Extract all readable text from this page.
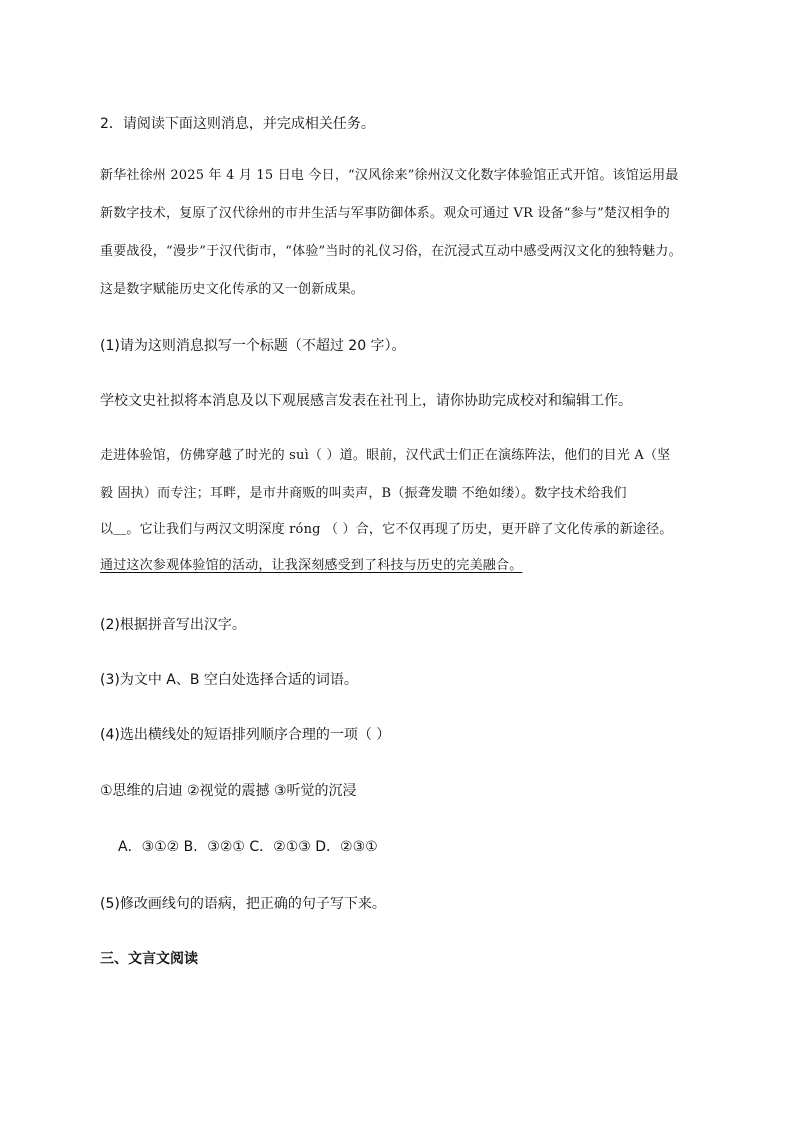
2．请阅读下面这则消息，并完成相关任务。
新华社徐州 2025 年 4 月 15 日电 今日，“汉风徐来”徐州汉文化数字体验馆正式开馆。该馆运用最
新数字技术，复原了汉代徐州的市井生活与军事防御体系。观众可通过 VR 设备“参与”楚汉相争的
重要战役，“漫步”于汉代街市，“体验”当时的礼仪习俗，在沉浸式互动中感受两汉文化的独特魅力。
这是数字赋能历史文化传承的又一创新成果。
(1)请为这则消息拟写一个标题（不超过 20 字）。
学校文史社拟将本消息及以下观展感言发表在社刊上，请你协助完成校对和编辑工作。
走进体验馆，仿佛穿越了时光的 suì（ ）道。眼前，汉代武士们正在演练阵法，他们的目光 A（坚
毅 固执）而专注；耳畔，是市井商贩的叫卖声，B（振聋发聩 不绝如缕）。数字技术给我们
以＿。它让我们与两汉文明深度 róng （ ）合，它不仅再现了历史，更开辟了文化传承的新途径。
通过这次参观体验馆的活动，让我深刻感受到了科技与历史的完美融合。
(2)根据拼音写出汉字。
(3)为文中 A、B 空白处选择合适的词语。
(4)选出横线处的短语排列顺序合理的一项（ ）
①思维的启迪 ②视觉的震撼 ③听觉的沉浸
A．③①② B．③②① C．②①③ D．②③①
(5)修改画线句的语病，把正确的句子写下来。
三、文言文阅读
